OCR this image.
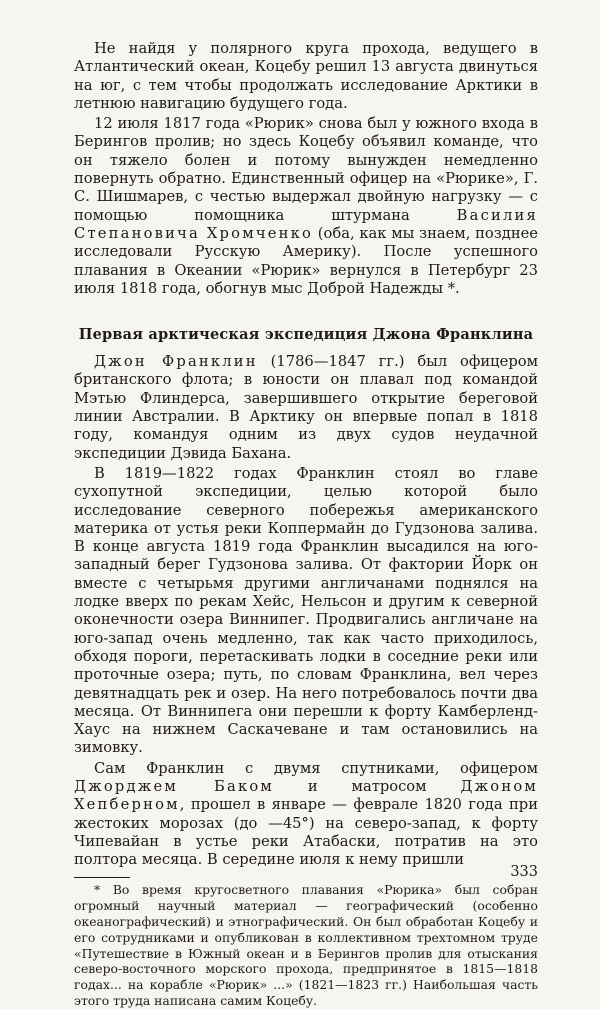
Не найдя у полярного круга прохода, ведущего в Атлантический океан, Коцебу решил 13 августа двинуться на юг, с тем чтобы продолжать исследование Арктики в летнюю навигацию будущего года.

12 июля 1817 года «Рюрик» снова был у южного входа в Берингов пролив; но здесь Коцебу объявил команде, что он тяжело болен и потому вынужден немедленно повернуть обратно. Единственный офицер на «Рюрике», Г. С. Шишмарев, с честью выдержал двойную нагрузку — с помощью помощника штурмана Василия Степановича Хромченко (оба, как мы знаем, позднее исследовали Русскую Америку). После успешного плавания в Океании «Рюрик» вернулся в Петербург 23 июля 1818 года, обогнув мыс Доброй Надежды *.

Первая арктическая экспедиция Джона Франклина

Джон Франклин (1786—1847 гг.) был офицером британского флота; в юности он плавал под командой Мэтью Флиндерса, завершившего открытие береговой линии Австралии. В Арктику он впервые попал в 1818 году, командуя одним из двух судов неудачной экспедиции Дэвида Бахана.

В 1819—1822 годах Франклин стоял во главе сухопутной экспедиции, целью которой было исследование северного побережья американского материка от устья реки Коппермайн до Гудзонова залива. В конце августа 1819 года Франклин высадился на юго-западный берег Гудзонова залива. От фактории Йорк он вместе с четырьмя другими англичанами поднялся на лодке вверх по рекам Хейс, Нельсон и другим к северной оконечности озера Виннипег. Продвигались англичане на юго-запад очень медленно, так как часто приходилось, обходя пороги, перетаскивать лодки в соседние реки или проточные озера; путь, по словам Франклина, вел через девятнадцать рек и озер. На него потребовалось почти два месяца. От Виннипега они перешли к форту Камберленд-Хаус на нижнем Саскачеване и там остановились на зимовку.

Сам Франклин с двумя спутниками, офицером Джорджем Баком и матросом Джоном Хепберном, прошел в январе — феврале 1820 года при жестоких морозах (до —45°) на северо-запад, к форту Чипевайан в устье реки Атабаски, потратив на это полтора месяца. В середине июля к нему пришли

* Во время кругосветного плавания «Рюрика» был собран огромный научный материал — географический (особенно океанографический) и этнографический. Он был обработан Коцебу и его сотрудниками и опубликован в коллективном трехтомном труде «Путешествие в Южный океан и в Берингов пролив для отыскания северо-восточного морского прохода, предпринятое в 1815—1818 годах... на корабле «Рюрик» ...» (1821—1823 гг.) Наибольшая часть этого труда написана самим Коцебу.

333
